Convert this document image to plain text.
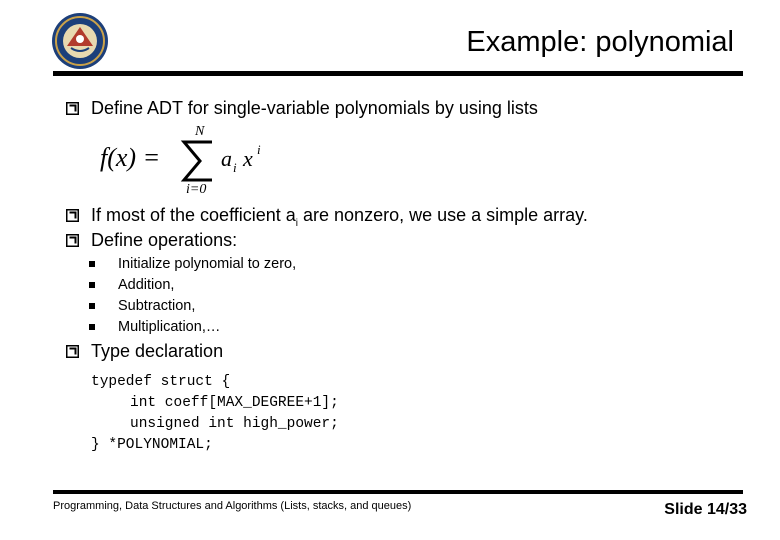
Example: polynomial
Define ADT for single-variable polynomials by using lists
f(x) =
N
i=0
a i x i
If most of the coefficient $a_i$ are nonzero, we use a simple array.
Define operations:
Initialize polynomial to zero,
Addition,
Subtraction,
Multiplication,…
Type declaration
typedef struct {
int coeff[MAX_DEGREE+1];
unsigned int high_power;
} *POLYNOMIAL;
Programming, Data Structures and Algorithms (Lists, stacks, and queues)	Slide 14/33
